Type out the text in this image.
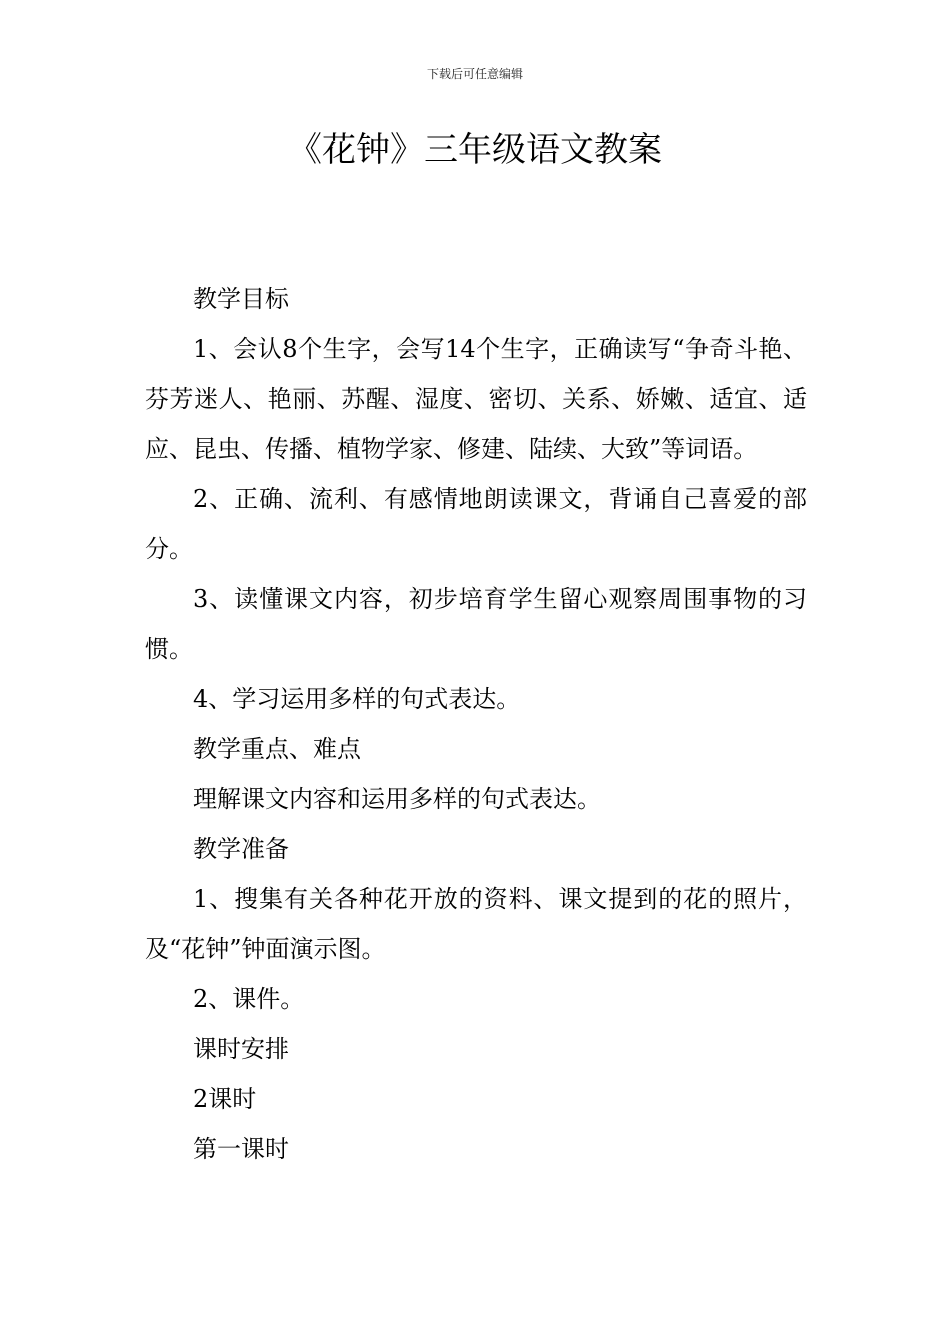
下载后可任意编辑
《花钟》三年级语文教案

教学目标

1、会认8个生字，会写14个生字，正确读写“争奇斗艳、芬芳迷人、艳丽、苏醒、湿度、密切、关系、娇嫩、适宜、适应、昆虫、传播、植物学家、修建、陆续、大致”等词语。

2、正确、流利、有感情地朗读课文，背诵自己喜爱的部分。

3、读懂课文内容，初步培育学生留心观察周围事物的习惯。

4、学习运用多样的句式表达。

教学重点、难点

理解课文内容和运用多样的句式表达。

教学准备

1、搜集有关各种花开放的资料、课文提到的花的照片，及“花钟”钟面演示图。

2、课件。

课时安排

2课时

第一课时
